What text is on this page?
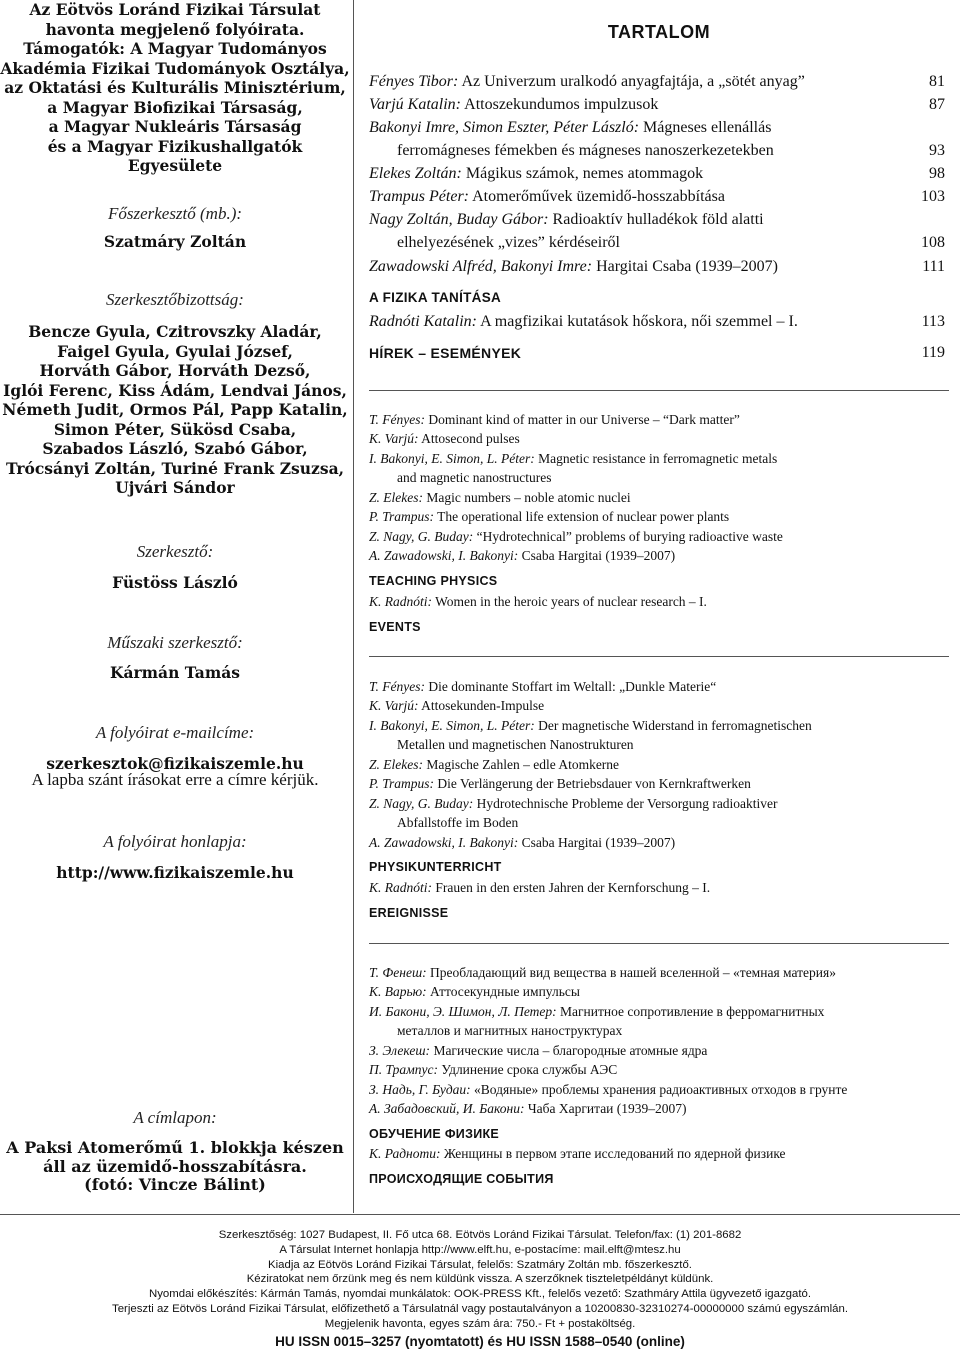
Az Eötvös Loránd Fizikai Társulat
havonta megjelenő folyóirata.
Támogatók: A Magyar Tudományos
Akadémia Fizikai Tudományok Osztálya,
az Oktatási és Kulturális Minisztérium,
a Magyar Biofizikai Társaság,
a Magyar Nukleáris Társaság
és a Magyar Fizikushallgatók Egyesülete
Főszerkesztő (mb.):
Szatmáry Zoltán
Szerkesztőbizottság:
Bencze Gyula, Czitrovszky Aladár,
Faigel Gyula, Gyulai József,
Horváth Gábor, Horváth Dezső,
Iglói Ferenc, Kiss Ádám, Lendvai János,
Németh Judit, Ormos Pál, Papp Katalin,
Simon Péter, Sükösd Csaba,
Szabados László, Szabó Gábor,
Trócsányi Zoltán, Turiné Frank Zsuzsa,
Ujvári Sándor
Szerkesztő:
Füstöss László
Műszaki szerkesztő:
Kármán Tamás
A folyóirat e-mailcíme:
szerkesztok@fizikaiszemle.hu
A lapba szánt írásokat erre a címre kérjük.
A folyóirat honlapja:
http://www.fizikaiszemle.hu
A címlapon:
A Paksi Atomerőmű 1. blokkja készen
áll az üzemidő-hosszabításra.
(fotó: Vincze Bálint)
TARTALOM
Fényes Tibor: Az Univerzum uralkodó anyagfajtája, a „sötét anyag”	81
Varjú Katalin: Attoszekundumos impulzusok	87
Bakonyi Imre, Simon Eszter, Péter László: Mágneses ellenállás
ferromágneses fémekben és mágneses nanoszerkezetekben	93
Elekes Zoltán: Mágikus számok, nemes atommagok	98
Trampus Péter: Atomerőművek üzemidő-hosszabbítása	103
Nagy Zoltán, Buday Gábor: Radioaktív hulladékok föld alatti
elhelyezésének „vizes” kérdéseiről	108
Zawadowski Alfréd, Bakonyi Imre: Hargitai Csaba (1939–2007)	111
A FIZIKA TANÍTÁSA
Radnóti Katalin: A magfizikai kutatások hőskora, női szemmel – I.	113
HÍREK – ESEMÉNYEK	119
T. Fényes: Dominant kind of matter in our Universe – “Dark matter”
K. Varjú: Attosecond pulses
I. Bakonyi, E. Simon, L. Péter: Magnetic resistance in ferromagnetic metals
and magnetic nanostructures
Z. Elekes: Magic numbers – noble atomic nuclei
P. Trampus: The operational life extension of nuclear power plants
Z. Nagy, G. Buday: “Hydrotechnical” problems of burying radioactive waste
A. Zawadowski, I. Bakonyi: Csaba Hargitai (1939–2007)
TEACHING PHYSICS
K. Radnóti: Women in the heroic years of nuclear research – I.
EVENTS
T. Fényes: Die dominante Stoffart im Weltall: „Dunkle Materie“
K. Varjú: Attosekunden-Impulse
I. Bakonyi, E. Simon, L. Péter: Der magnetische Widerstand in ferromagnetischen
Metallen und magnetischen Nanostrukturen
Z. Elekes: Magische Zahlen – edle Atomkerne
P. Trampus: Die Verlängerung der Betriebsdauer von Kernkraftwerken
Z. Nagy, G. Buday: Hydrotechnische Probleme der Versorgung radioaktiver
Abfallstoffe im Boden
A. Zawadowski, I. Bakonyi: Csaba Hargitai (1939–2007)
PHYSIKUNTERRICHT
K. Radnóti: Frauen in den ersten Jahren der Kernforschung – I.
EREIGNISSE
Т. Фенеш: Преобладающий вид вещества в нашей вселенной – «темная материя»
К. Варью: Аттосекундные импульсы
И. Бакони, Э. Шимон, Л. Петер: Магнитное сопротивление в ферромагнитных
металлов и магнитных наноструктурах
З. Элекеш: Магические числа – благородные атомные ядра
П. Трампус: Удлинение срока службы АЭС
З. Надь, Г. Будаи: «Водяные» проблемы хранения радиоактивных отходов в грунте
А. Забадовский, И. Бакони: Чаба Харгитаи (1939–2007)
ОБУЧЕНИЕ ФИЗИКЕ
К. Радноти: Женщины в первом этапе исследований по ядерной физике
ПРОИСХОДЯЩИЕ СОБЫТИЯ
Szerkesztőség: 1027 Budapest, II. Fő utca 68. Eötvös Loránd Fizikai Társulat. Telefon/fax: (1) 201-8682
A Társulat Internet honlapja http://www.elft.hu, e-postacíme: mail.elft@mtesz.hu
Kiadja az Eötvös Loránd Fizikai Társulat, felelős: Szatmáry Zoltán mb. főszerkesztő.
Kéziratokat nem őrzünk meg és nem küldünk vissza. A szerzőknek tiszteletpéldányt küldünk.
Nyomdai előkészítés: Kármán Tamás, nyomdai munkálatok: OOK-PRESS Kft., felelős vezető: Szathmáry Attila ügyvezető igazgató.
Terjeszti az Eötvös Loránd Fizikai Társulat, előfizethető a Társulatnál vagy postautalványon a 10200830-32310274-00000000 számú egyszámlán.
Megjelenik havonta, egyes szám ára: 750.- Ft + postaköltség.
HU ISSN 0015–3257 (nyomtatott) és HU ISSN 1588–0540 (online)
